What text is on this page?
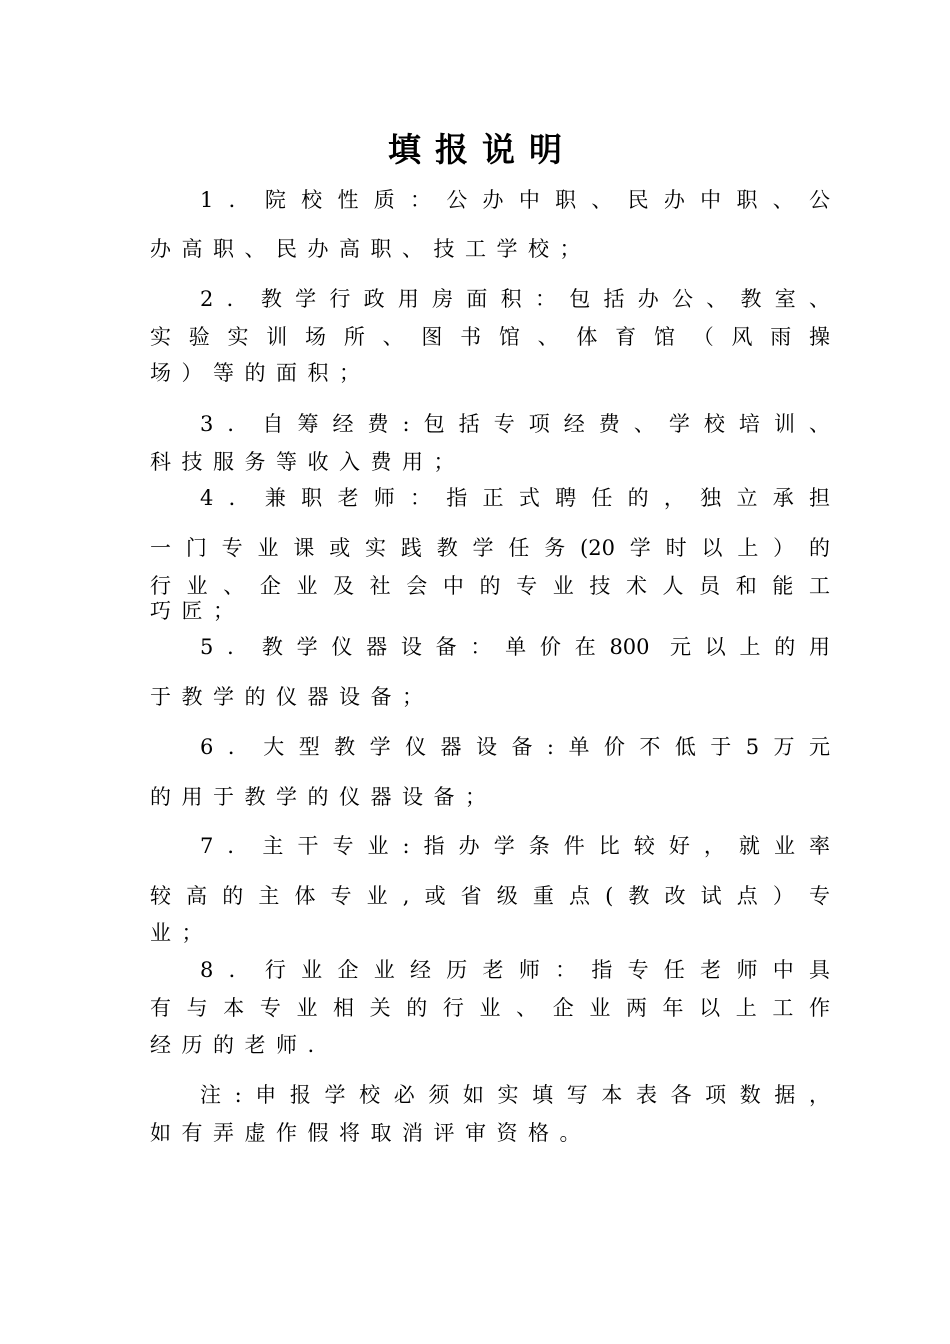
填报说明
1．院校性质：公办中职、民办中职、公
办高职、民办高职、技工学校；
2．教学行政用房面积：包括办公、教室、
实验实训场所、图书馆、体育馆（风雨操
场）等的面积；
3．自筹经费:包括专项经费、学校培训、
科技服务等收入费用；
4．兼职老师：指正式聘任的，独立承担
一门专业课或实践教学任务(20学时以上）的
行业、企业及社会中的专业技术人员和能工
巧匠；
5．教学仪器设备：单价在800 元以上的用
于教学的仪器设备；
6．大型教学仪器设备:单价不低于5万元
的用于教学的仪器设备；
7．主干专业:指办学条件比较好，就业率
较高的主体专业,或省级重点(教改试点）专
业；
8．行业企业经历老师：指专任老师中具
有与本专业相关的行业、企业两年以上工作
经历的老师.
注:申报学校必须如实填写本表各项数据，
如有弄虚作假将取消评审资格。
